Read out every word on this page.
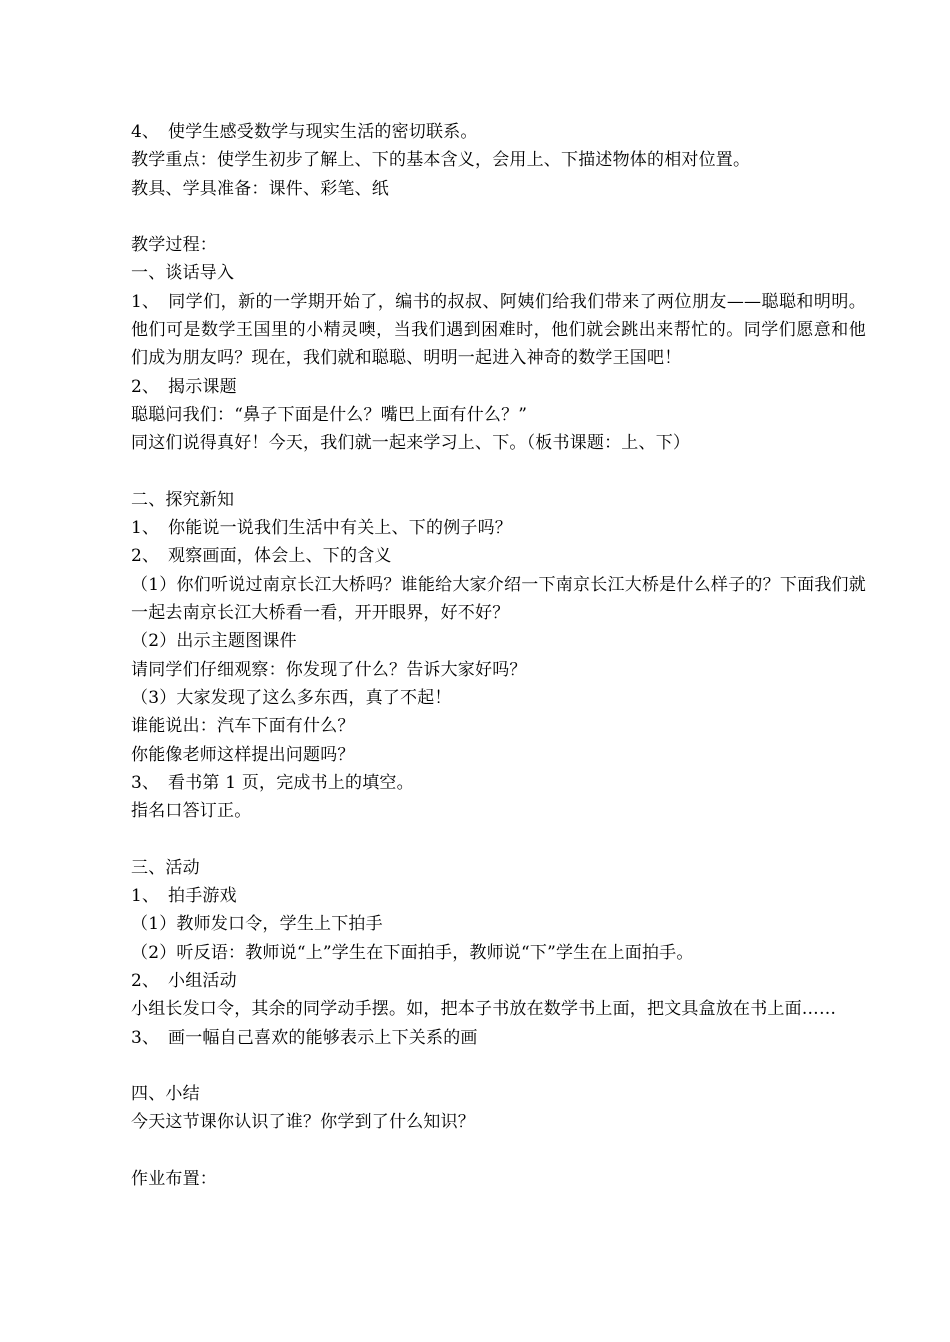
4、 使学生感受数学与现实生活的密切联系。
教学重点：使学生初步了解上、下的基本含义，会用上、下描述物体的相对位置。
教具、学具准备：课件、彩笔、纸
教学过程：
一、谈话导入
1、 同学们，新的一学期开始了，编书的叔叔、阿姨们给我们带来了两位朋友——聪聪和明明。他们可是数学王国里的小精灵噢，当我们遇到困难时，他们就会跳出来帮忙的。同学们愿意和他们成为朋友吗？现在，我们就和聪聪、明明一起进入神奇的数学王国吧！
2、 揭示课题
聪聪问我们：“鼻子下面是什么？嘴巴上面有什么？”
同这们说得真好！今天，我们就一起来学习上、下。（板书课题：上、下）
二、探究新知
1、 你能说一说我们生活中有关上、下的例子吗？
2、 观察画面，体会上、下的含义
（1）你们听说过南京长江大桥吗？谁能给大家介绍一下南京长江大桥是什么样子的？下面我们就一起去南京长江大桥看一看，开开眼界，好不好？
（2）出示主题图课件
请同学们仔细观察：你发现了什么？告诉大家好吗？
（3）大家发现了这么多东西，真了不起！
谁能说出：汽车下面有什么？
你能像老师这样提出问题吗？
3、 看书第 1 页，完成书上的填空。
指名口答订正。
三、活动
1、 拍手游戏
（1）教师发口令，学生上下拍手
（2）听反语：教师说“上”学生在下面拍手，教师说“下”学生在上面拍手。
2、 小组活动
小组长发口令，其余的同学动手摆。如，把本子书放在数学书上面，把文具盒放在书上面……
3、 画一幅自己喜欢的能够表示上下关系的画
四、小结
今天这节课你认识了谁？你学到了什么知识？
作业布置：
